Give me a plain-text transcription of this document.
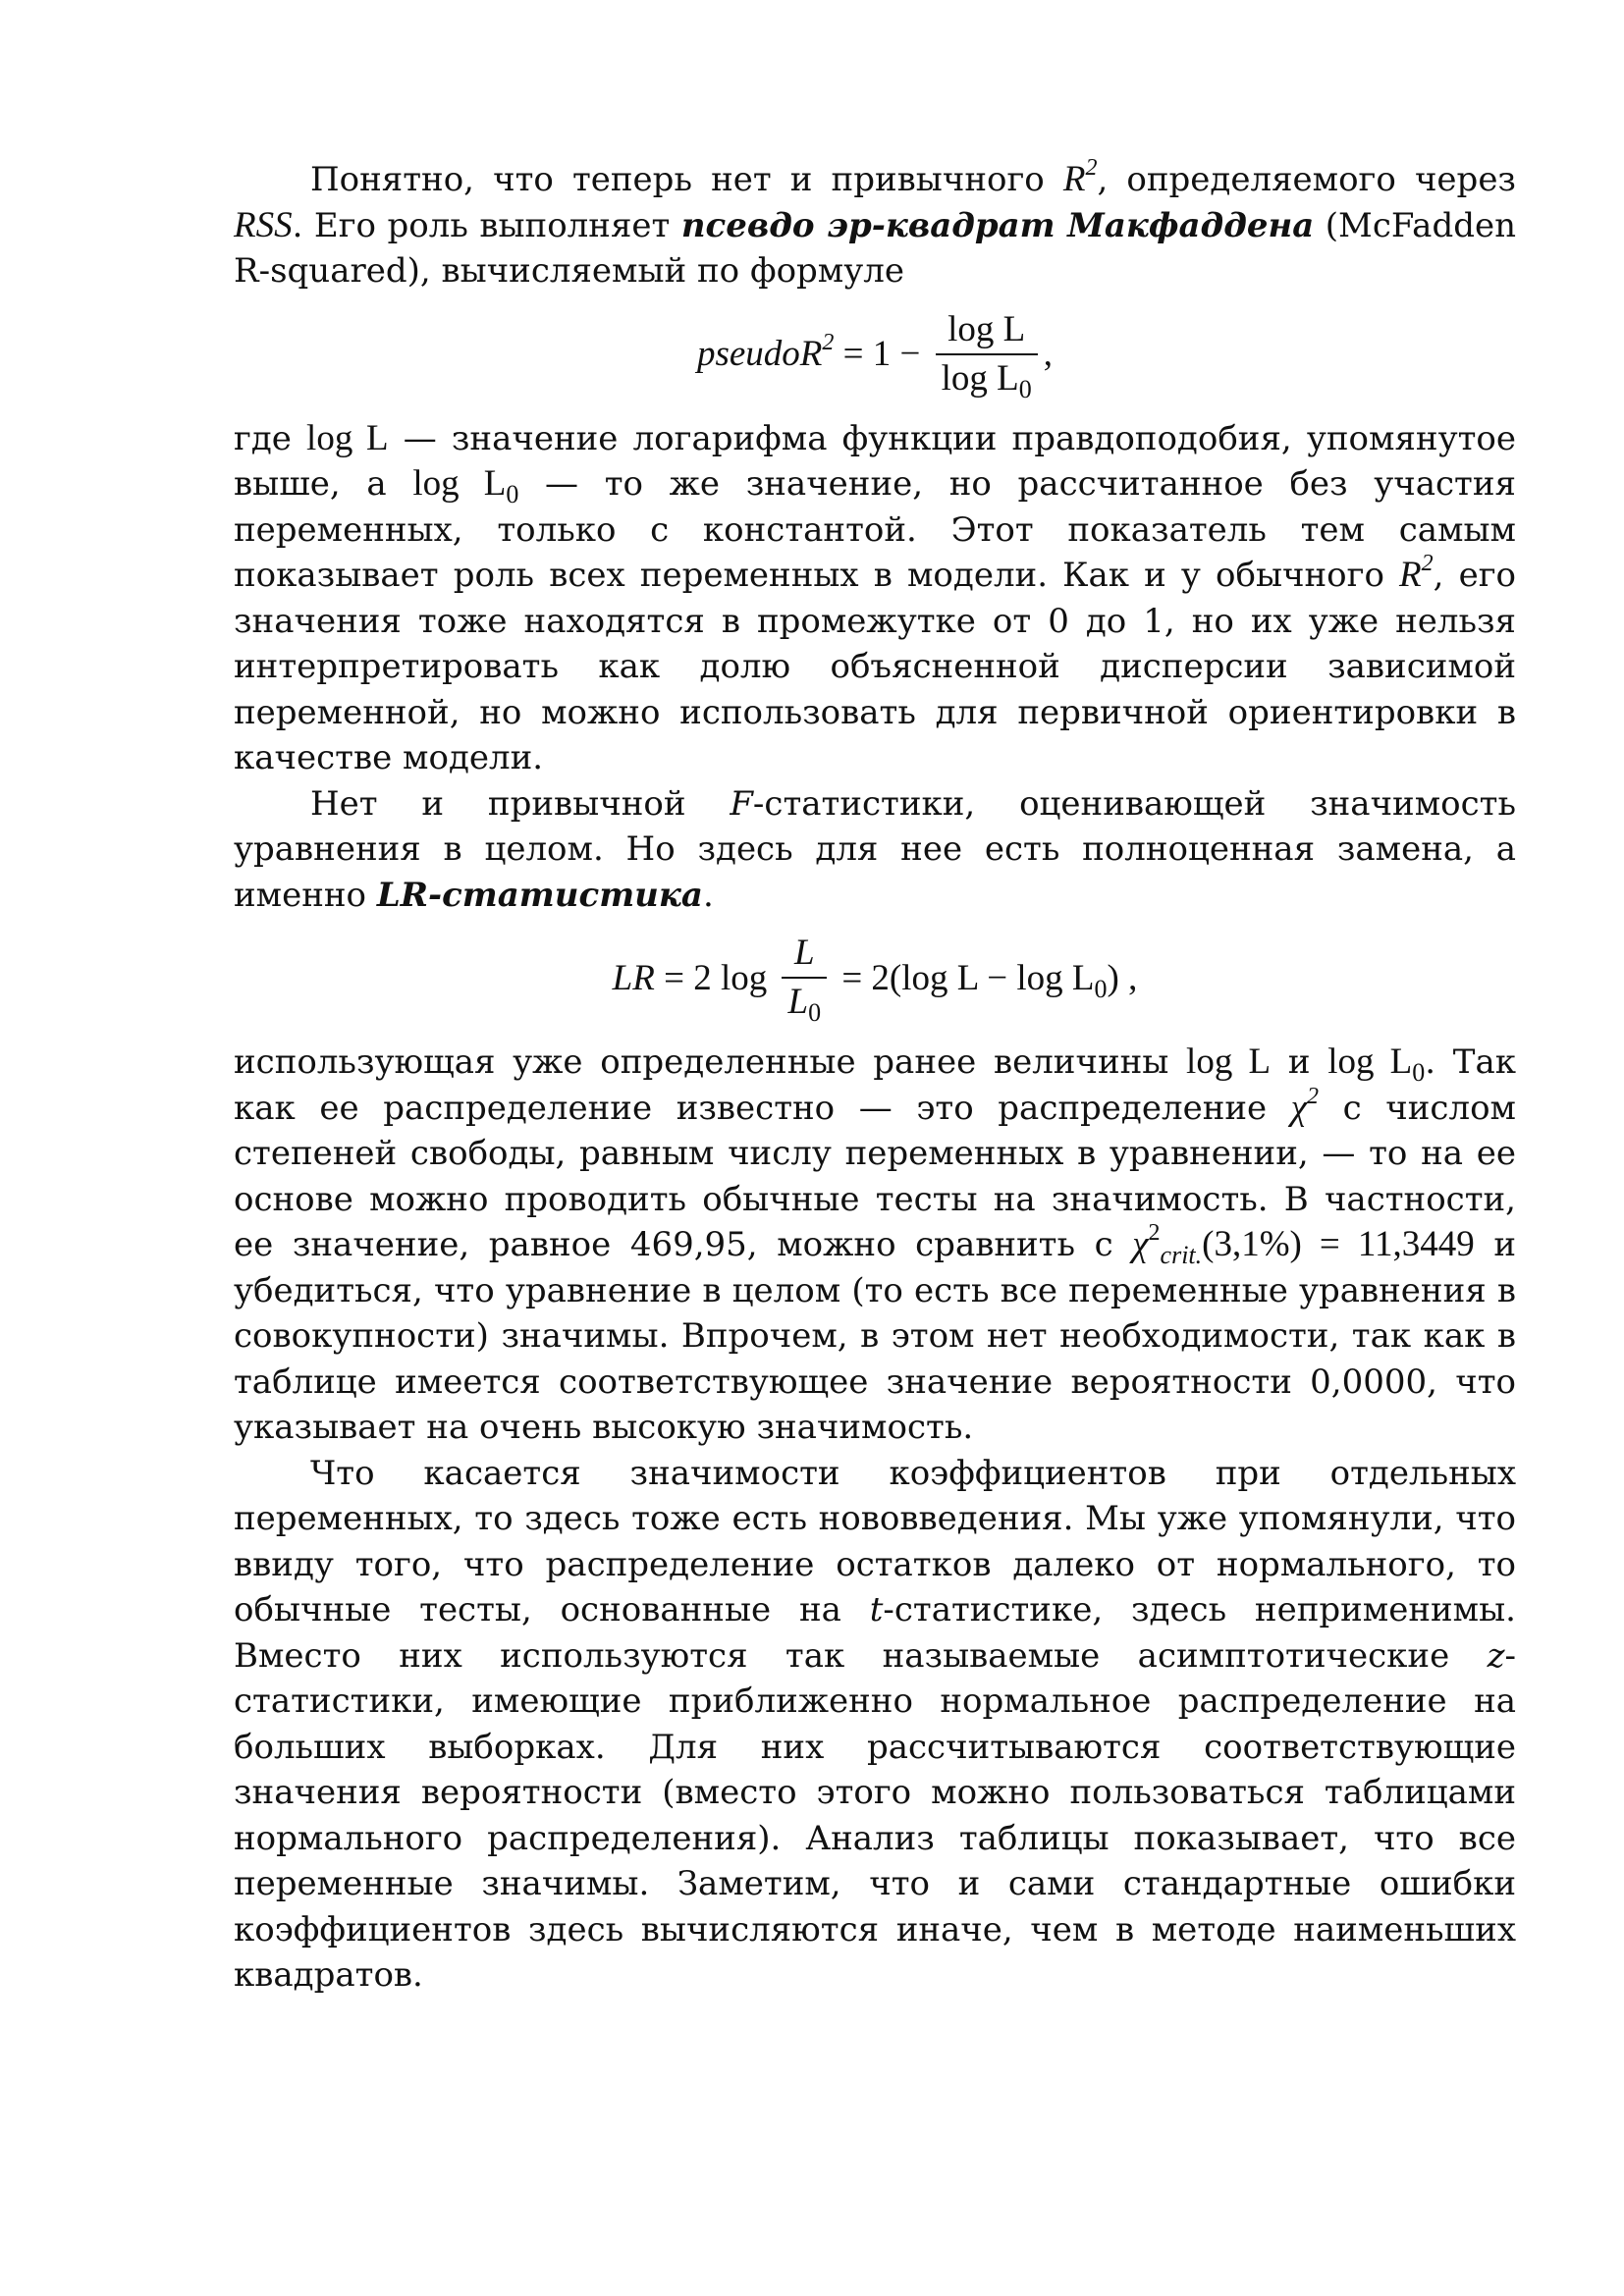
Понятно, что теперь нет и привычного $R^2$, определяемого через RSS. Его роль выполняет псевдо эр-квадрат Макфаддена (McFadden R-squared), вычисляемый по формуле

pseudoR$^2$ = $1 - \frac{\text{log L}}{\log L_0}$ ,

где log L — значение логарифма функции правдоподобия, упомянутое выше, а $\log L_0$ — то же значение, но рассчитанное без участия переменных, только с константой. Этот показатель тем самым показывает роль всех переменных в модели. Как и у обычного $R^2$, его значения тоже находятся в промежутке от 0 до 1, но их уже нельзя интерпретировать как долю объясненной дисперсии зависимой переменной, но можно использовать для первичной ориентировки в качестве модели.

Нет и привычной F-статистики, оценивающей значимость уравнения в целом. Но здесь для нее есть полноценная замена, а именно LR-статистика.

LR = 2 $\log \frac{L}{L_0} = 2(\log$ $L - \log L_0$) ,

использующая уже определенные ранее величины log L и $\log L_0$. Так как ее распределение известно — это распределение $\chi^2$ с числом степеней свободы, равным числу переменных в уравнении, — то на ее основе можно проводить обычные тесты на значимость. В частности, ее значение, равное 469,95, можно сравнить с $\chi^2_{crit.}(3,1\%) = 11,3449$ и убедиться, что уравнение в целом (то есть все переменные уравнения в совокупности) значимы. Впрочем, в этом нет необходимости, так как в таблице имеется соответствующее значение вероятности 0,0000, что указывает на очень высокую значимость.

Что касается значимости коэффициентов при отдельных переменных, то здесь тоже есть нововведения. Мы уже упомянули, что ввиду того, что распределение остатков далеко от нормального, то обычные тесты, основанные на t-статистике, здесь неприменимы. Вместо них используются так называемые асимптотические z-статистики, имеющие приближенно нормальное распределение на больших выборках. Для них рассчитываются соответствующие значения вероятности (вместо этого можно пользоваться таблицами нормального распределения). Анализ таблицы показывает, что все переменные значимы. Заметим, что и сами стандартные ошибки коэффициентов здесь вычисляются иначе, чем в методе наименьших квадратов.
